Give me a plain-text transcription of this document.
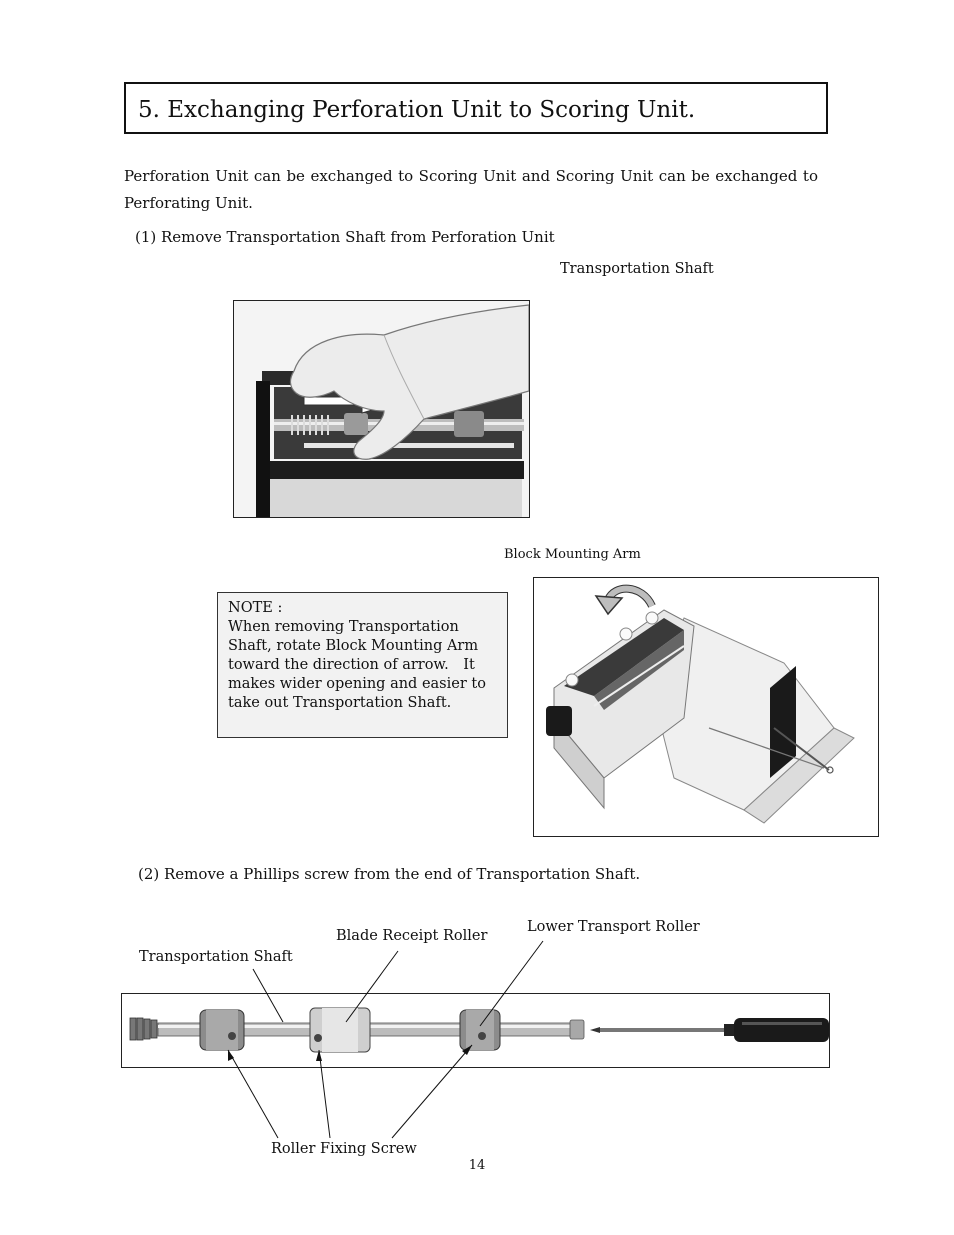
5. Exchanging Perforation Unit to Scoring Unit.
Perforation Unit can be exchanged to Scoring Unit and Scoring Unit can be exchanged to Perforating Unit.
(1) Remove Transportation Shaft from Perforation Unit
Transportation Shaft
Block Mounting Arm
NOTE :
When removing Transportation
Shaft, rotate Block Mounting Arm
toward the direction of arrow.　It
makes wider opening and easier to
take out Transportation Shaft.
(2) Remove a Phillips screw from the end of Transportation Shaft.
Lower Transport Roller
Blade Receipt Roller
Transportation Shaft
Roller Fixing Screw
14
